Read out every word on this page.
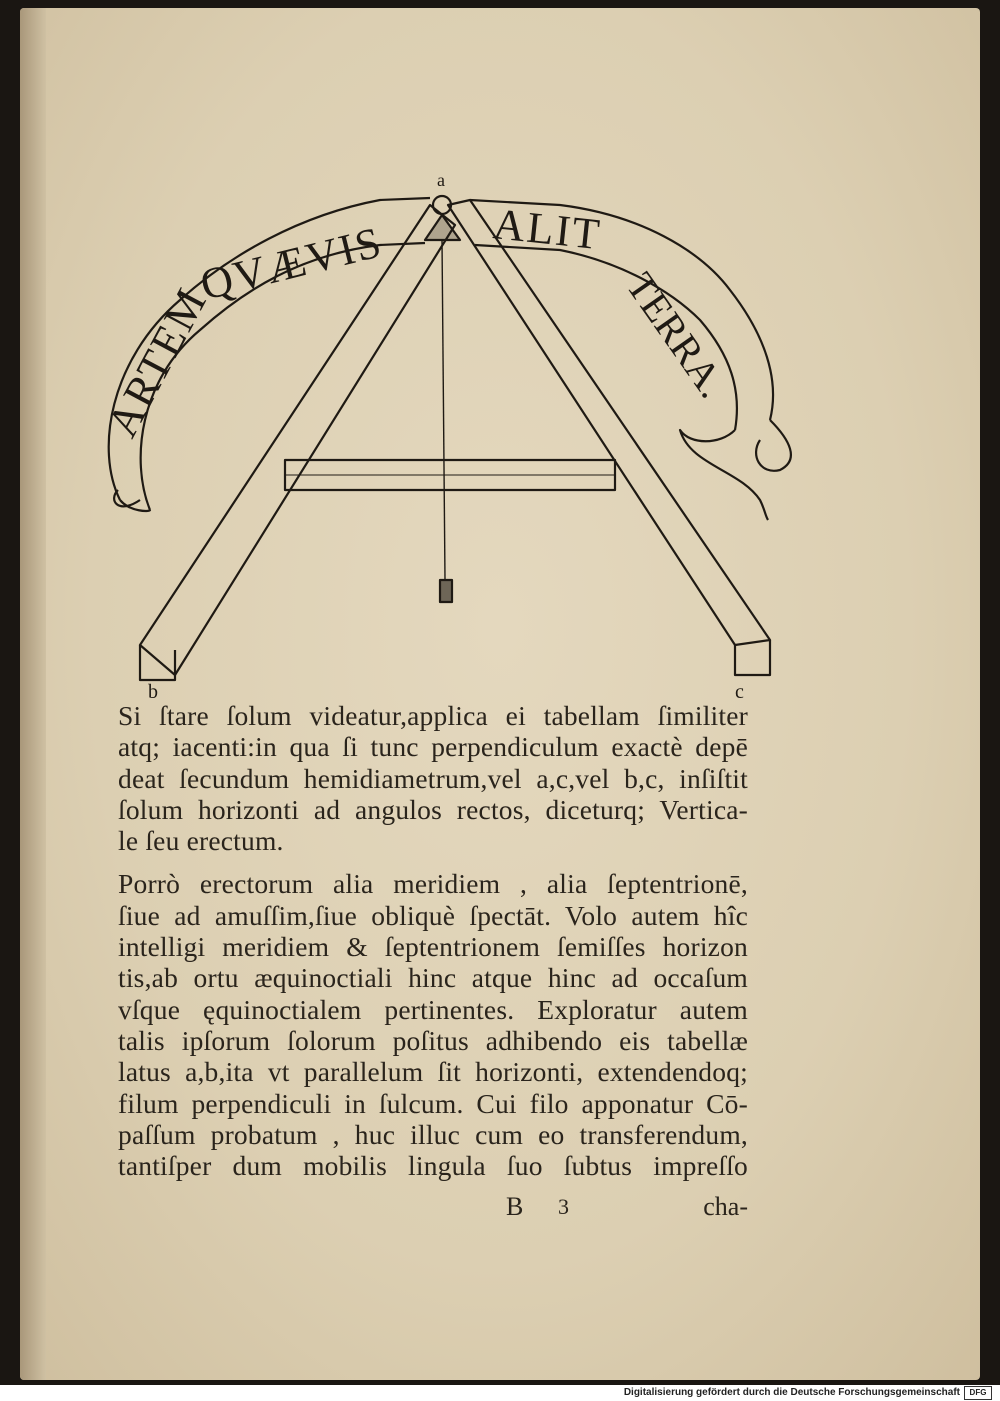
ARTEM
QVÆVIS ALIT
TERRA.
a
b	c
Si ſtare ſolum videatur,applica ei tabellam ſimiliter
atq; iacenti:in qua ſi tunc perpendiculum exactè depē
deat ſecundum hemidiametrum,vel a,c,vel b,c, inſiſtit
ſolum horizonti ad angulos rectos, diceturq; Vertica-
le ſeu erectum.
Porrò erectorum alia meridiem , alia ſeptentrionē,
ſiue ad amuſſim,ſiue obliquè ſpectāt. Volo autem hîc
intelligi meridiem & ſeptentrionem ſemiſſes horizon
tis,ab ortu æquinoctiali hinc atque hinc ad occaſum
vſque ęquinoctialem pertinentes. Exploratur autem
talis ipſorum ſolorum poſitus adhibendo eis tabellæ
latus a,b,ita vt parallelum ſit horizonti, extendendoq;
filum perpendiculi in ſulcum. Cui filo apponatur Cō-
paſſum probatum , huc illuc cum eo transferendum,
tantiſper dum mobilis lingula ſuo ſubtus impreſſo
B 3	cha-
Digitalisierung gefördert durch die Deutsche Forschungsgemeinschaft	DFG
